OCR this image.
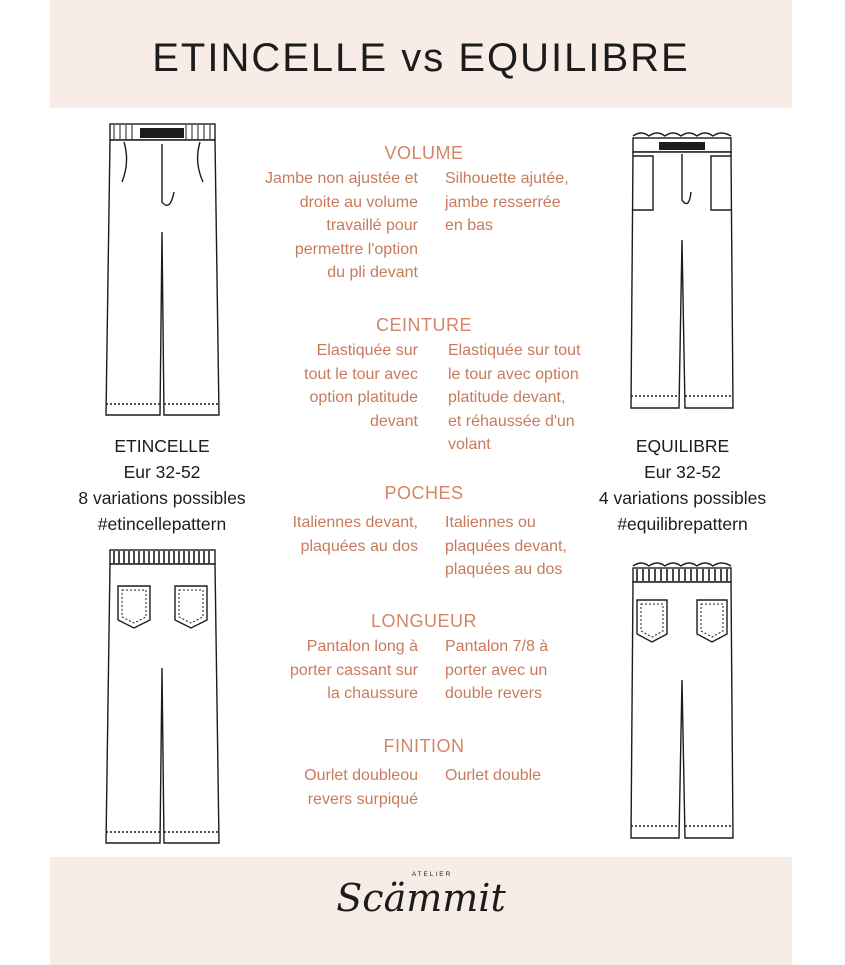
ETINCELLE vs EQUILIBRE
ETINCELLE
Eur 32-52
8 variations possibles
#etincellepattern
EQUILIBRE
Eur 32-52
4 variations possibles
#equilibrepattern
VOLUME
Jambe non ajustée et
droite au volume
travaillé pour
permettre l'option
du pli devant
Silhouette ajutée,
jambe resserrée
en bas
CEINTURE
Elastiquée sur
tout le tour avec
option platitude
devant
Elastiquée sur tout
le tour avec option
platitude devant,
et réhaussée d'un
volant
POCHES
Italiennes devant,
plaquées au dos
Italiennes ou
plaquées devant,
plaquées au dos
LONGUEUR
Pantalon long à
porter cassant sur
la chaussure
Pantalon 7/8 à
porter avec un
double revers
FINITION
Ourlet doubleou
revers surpiqué
Ourlet double
ATELIER
Scämmit
